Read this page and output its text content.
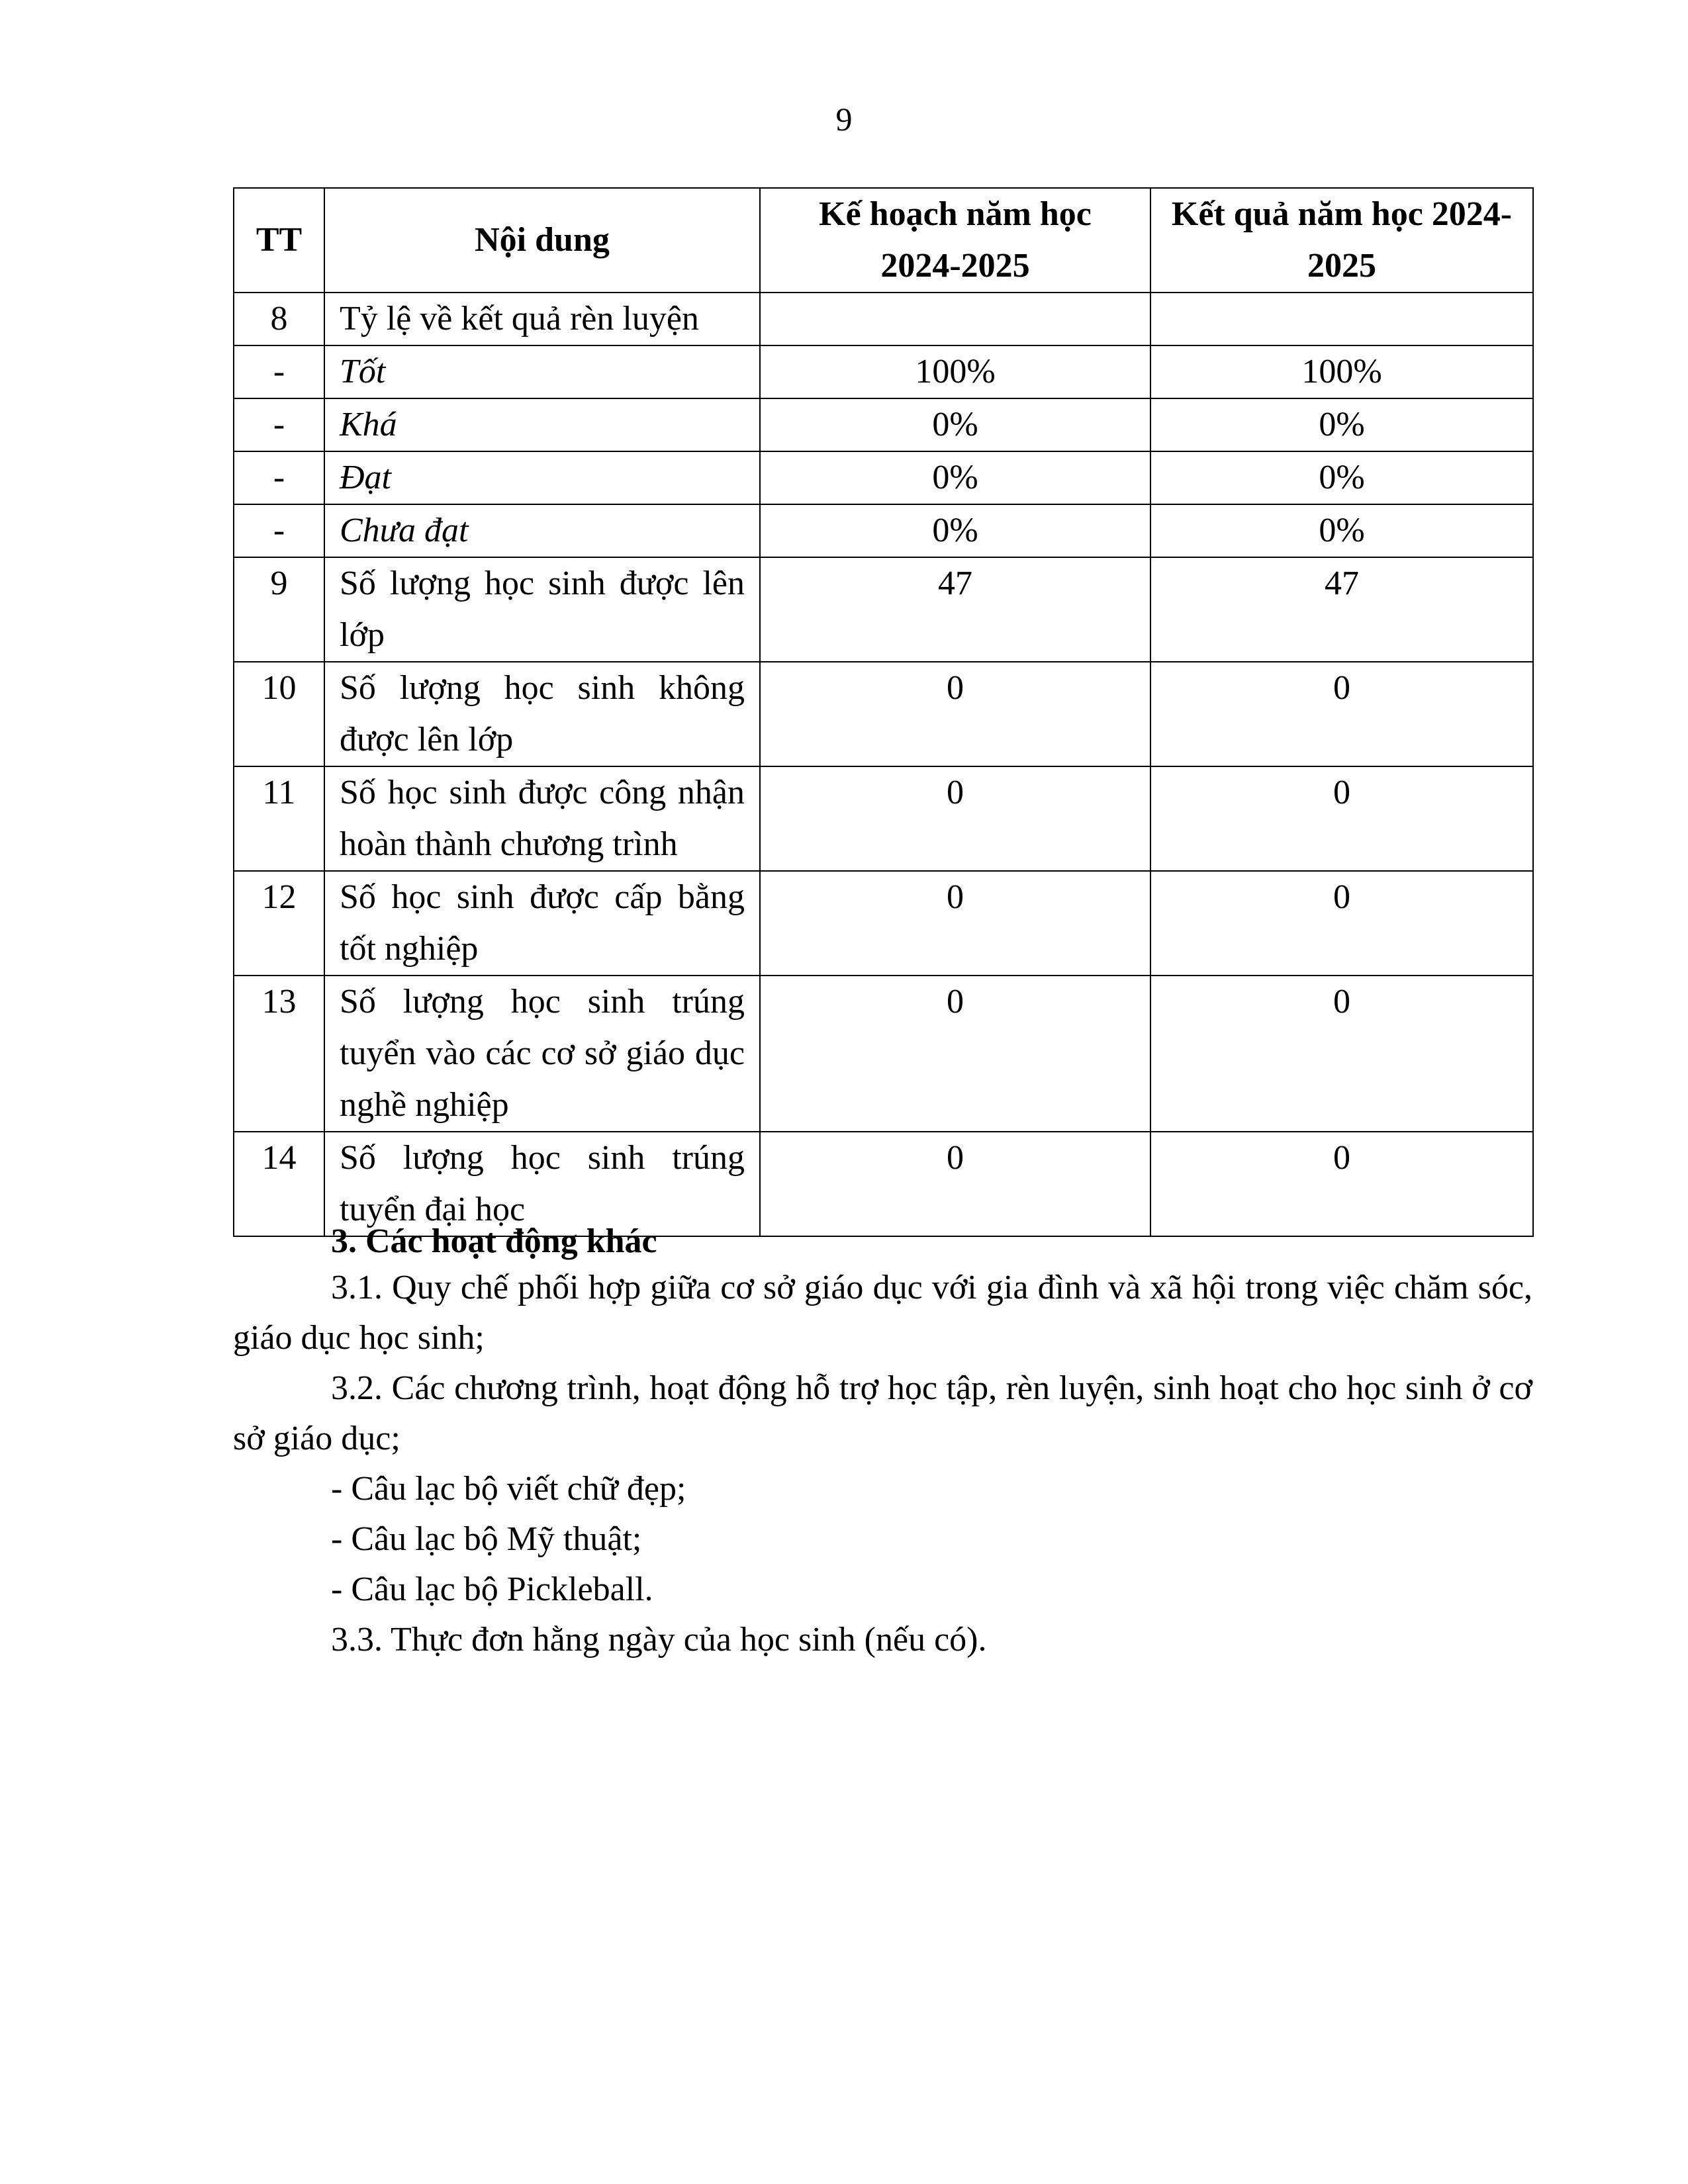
9
TT	Nội dung	Kế hoạch năm học 2024-2025	Kết quả năm học 2024-2025
8	Tỷ lệ về kết quả rèn luyện		
-	Tốt	100%	100%
-	Khá	0%	0%
-	Đạt	0%	0%
-	Chưa đạt	0%	0%
9	Số lượng học sinh được lên lớp	47	47
10	Số lượng học sinh không được lên lớp	0	0
11	Số học sinh được công nhận hoàn thành chương trình	0	0
12	Số học sinh được cấp bằng tốt nghiệp	0	0
13	Số lượng học sinh trúng tuyển vào các cơ sở giáo dục nghề nghiệp	0	0
14	Số lượng học sinh trúng tuyển đại học	0	0

3. Các hoạt động khác

3.1. Quy chế phối hợp giữa cơ sở giáo dục với gia đình và xã hội trong việc chăm sóc, giáo dục học sinh;

3.2. Các chương trình, hoạt động hỗ trợ học tập, rèn luyện, sinh hoạt cho học sinh ở cơ sở giáo dục;

- Câu lạc bộ viết chữ đẹp;

- Câu lạc bộ Mỹ thuật;

- Câu lạc bộ Pickleball.

3.3. Thực đơn hằng ngày của học sinh (nếu có).
